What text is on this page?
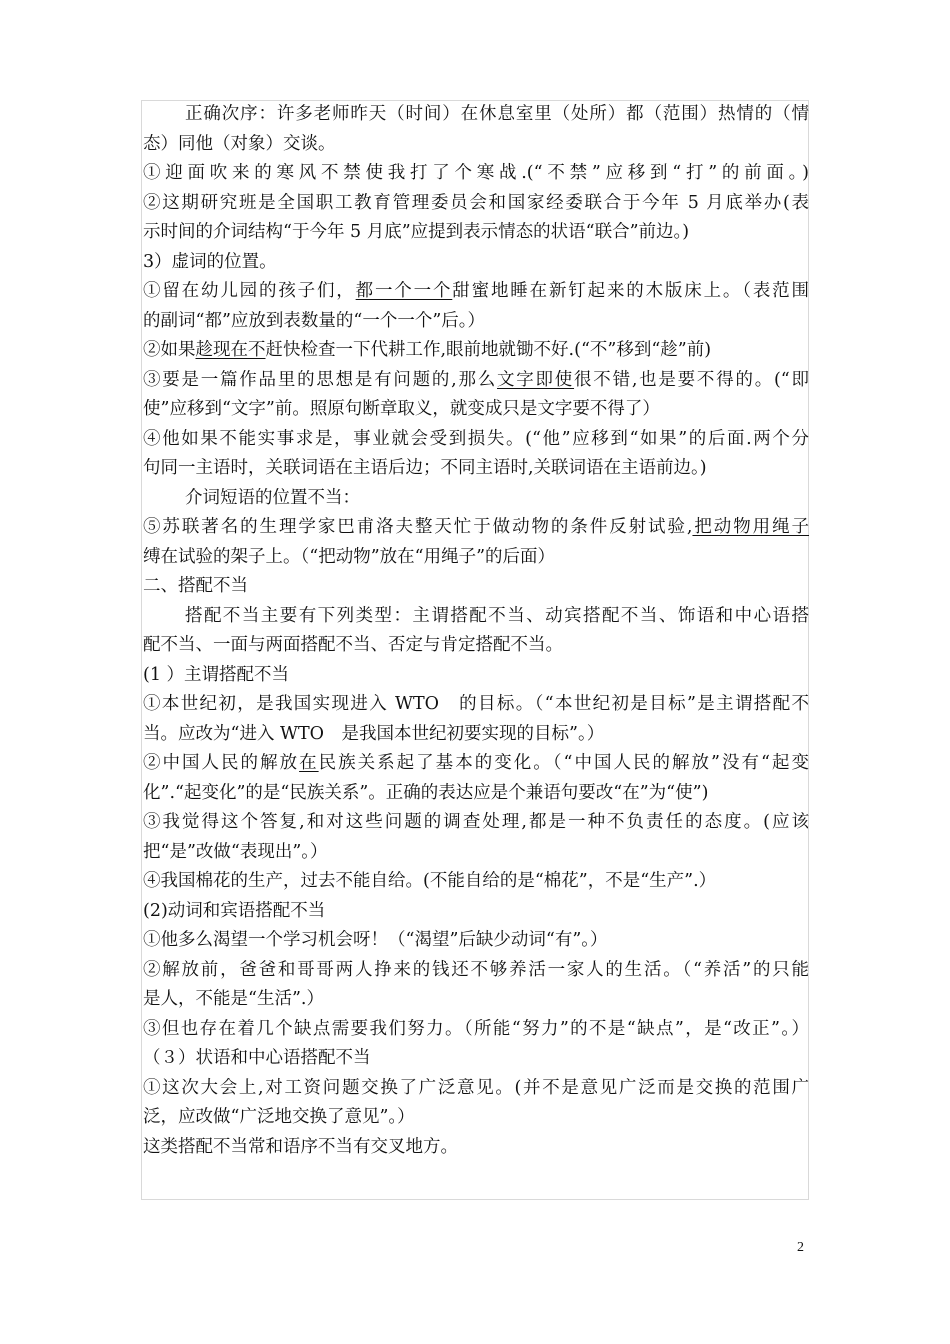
正确次序：许多老师昨天（时间）在休息室里（处所）都（范围）热情的（情
态）同他（对象）交谈。
①迎面吹来的寒风不禁使我打了个寒战.(“不禁”应移到“打”的前面。)
②这期研究班是全国职工教育管理委员会和国家经委联合于今年 5 月底举办(表
示时间的介词结构“于今年 5 月底”应提到表示情态的状语“联合”前边。)
3）虚词的位置。
①留在幼儿园的孩子们，都一个一个甜蜜地睡在新钉起来的木版床上。（表范围
的副词“都”应放到表数量的“一个一个”后。）
②如果趁现在不赶快检查一下代耕工作,眼前地就锄不好.(“不”移到“趁”前)
③要是一篇作品里的思想是有问题的,那么文字即使很不错,也是要不得的。(“即
使”应移到“文字”前。照原句断章取义，就变成只是文字要不得了）
④他如果不能实事求是，事业就会受到损失。(“他”应移到“如果”的后面.两个分
句同一主语时，关联词语在主语后边；不同主语时,关联词语在主语前边。)
介词短语的位置不当：
⑤苏联著名的生理学家巴甫洛夫整天忙于做动物的条件反射试验,把动物用绳子
缚在试验的架子上。（“把动物”放在“用绳子”的后面）
二、搭配不当
搭配不当主要有下列类型：主谓搭配不当、动宾搭配不当、饰语和中心语搭
配不当、一面与两面搭配不当、否定与肯定搭配不当。
(1 ）主谓搭配不当
①本世纪初，是我国实现进入 WTO　的目标。（“本世纪初是目标”是主谓搭配不
当。应改为“进入 WTO　是我国本世纪初要实现的目标”。）
②中国人民的解放在民族关系起了基本的变化。（“中国人民的解放”没有“起变
化”.“起变化”的是“民族关系”。正确的表达应是个兼语句要改“在”为“使”)
③我觉得这个答复,和对这些问题的调查处理,都是一种不负责任的态度。(应该
把“是”改做“表现出”。）
④我国棉花的生产，过去不能自给。(不能自给的是“棉花”，不是“生产”.）
(2)动词和宾语搭配不当
①他多么渴望一个学习机会呀！（“渴望”后缺少动词“有”。）
②解放前，爸爸和哥哥两人挣来的钱还不够养活一家人的生活。（“养活”的只能
是人，不能是“生活”.）
③但也存在着几个缺点需要我们努力。（所能“努力”的不是“缺点”，是“改正”。）
（３）状语和中心语搭配不当
①这次大会上,对工资问题交换了广泛意见。(并不是意见广泛而是交换的范围广
泛，应改做“广泛地交换了意见”。）
这类搭配不当常和语序不当有交叉地方。
2
